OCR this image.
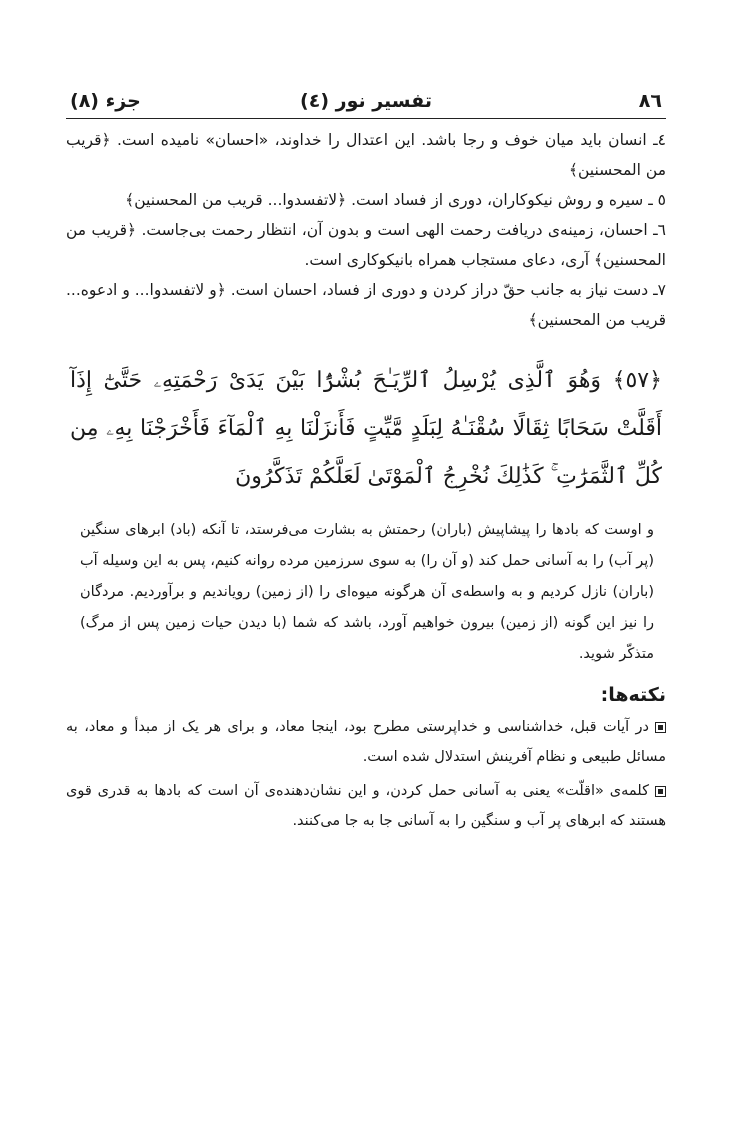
٨٦
تفسیر نور (٤)
جزء (٨)

٤ـ انسان باید میان خوف و رجا باشد. این اعتدال را خداوند، «احسان» نامیده است. ﴿قریب من المحسنین﴾

٥ ـ سیره و روش نیکوکاران، دوری از فساد است. ﴿لاتفسدوا... قریب من المحسنین﴾

٦ـ احسان، زمینه‌ی دریافت رحمت الهی است و بدون آن، انتظار رحمت بی‌جاست. ﴿قریب من المحسنین﴾ آری، دعای مستجاب همراه بانیکوکاری است.

٧ـ دست نیاز به جانب حقّ دراز کردن و دوری از فساد، احسان است. ﴿و لاتفسدوا... و ادعوه... قریب من المحسنین﴾

﴿٥٧﴾ وَهُوَ ٱلَّذِى يُرْسِلُ ٱلرِّيَـٰحَ بُشْرًۢا بَيْنَ يَدَىْ رَحْمَتِهِۦ حَتَّىٰٓ إِذَآ أَقَلَّتْ سَحَابًا ثِقَالًا سُقْنَـٰهُ لِبَلَدٍ مَّيِّتٍ فَأَنزَلْنَا بِهِ ٱلْمَآءَ فَأَخْرَجْنَا بِهِۦ مِن كُلِّ ٱلثَّمَرَٰتِ ۚ كَذَٰلِكَ نُخْرِجُ ٱلْمَوْتَىٰ لَعَلَّكُمْ تَذَكَّرُونَ

و اوست که بادها را پیشاپیش (باران) رحمتش به بشارت می‌فرستد، تا آنکه (باد) ابرهای سنگین (پر آب) را به آسانی حمل کند (و آن را) به سوی سرزمین مرده روانه کنیم، پس به این وسیله آب (باران) نازل کردیم و به واسطه‌ی آن هرگونه میوه‌ای را (از زمین) رویاندیم و برآوردیم. مردگان را نیز این گونه (از زمین) بیرون خواهیم آورد، باشد که شما (با دیدن حیات زمین پس از مرگ) متذکّر شوید.

نکته‌ها:

در آیات قبل، خداشناسی و خداپرستی مطرح بود، اینجا معاد، و برای هر یک از مبدأ و معاد، به مسائل طبیعی و نظام آفرینش استدلال شده است.

کلمه‌ی «اقلّت» یعنی به آسانی حمل کردن، و این نشان‌دهنده‌ی آن است که بادها به قدری قوی هستند که ابرهای پر آب و سنگین را به آسانی جا به جا می‌کنند.
